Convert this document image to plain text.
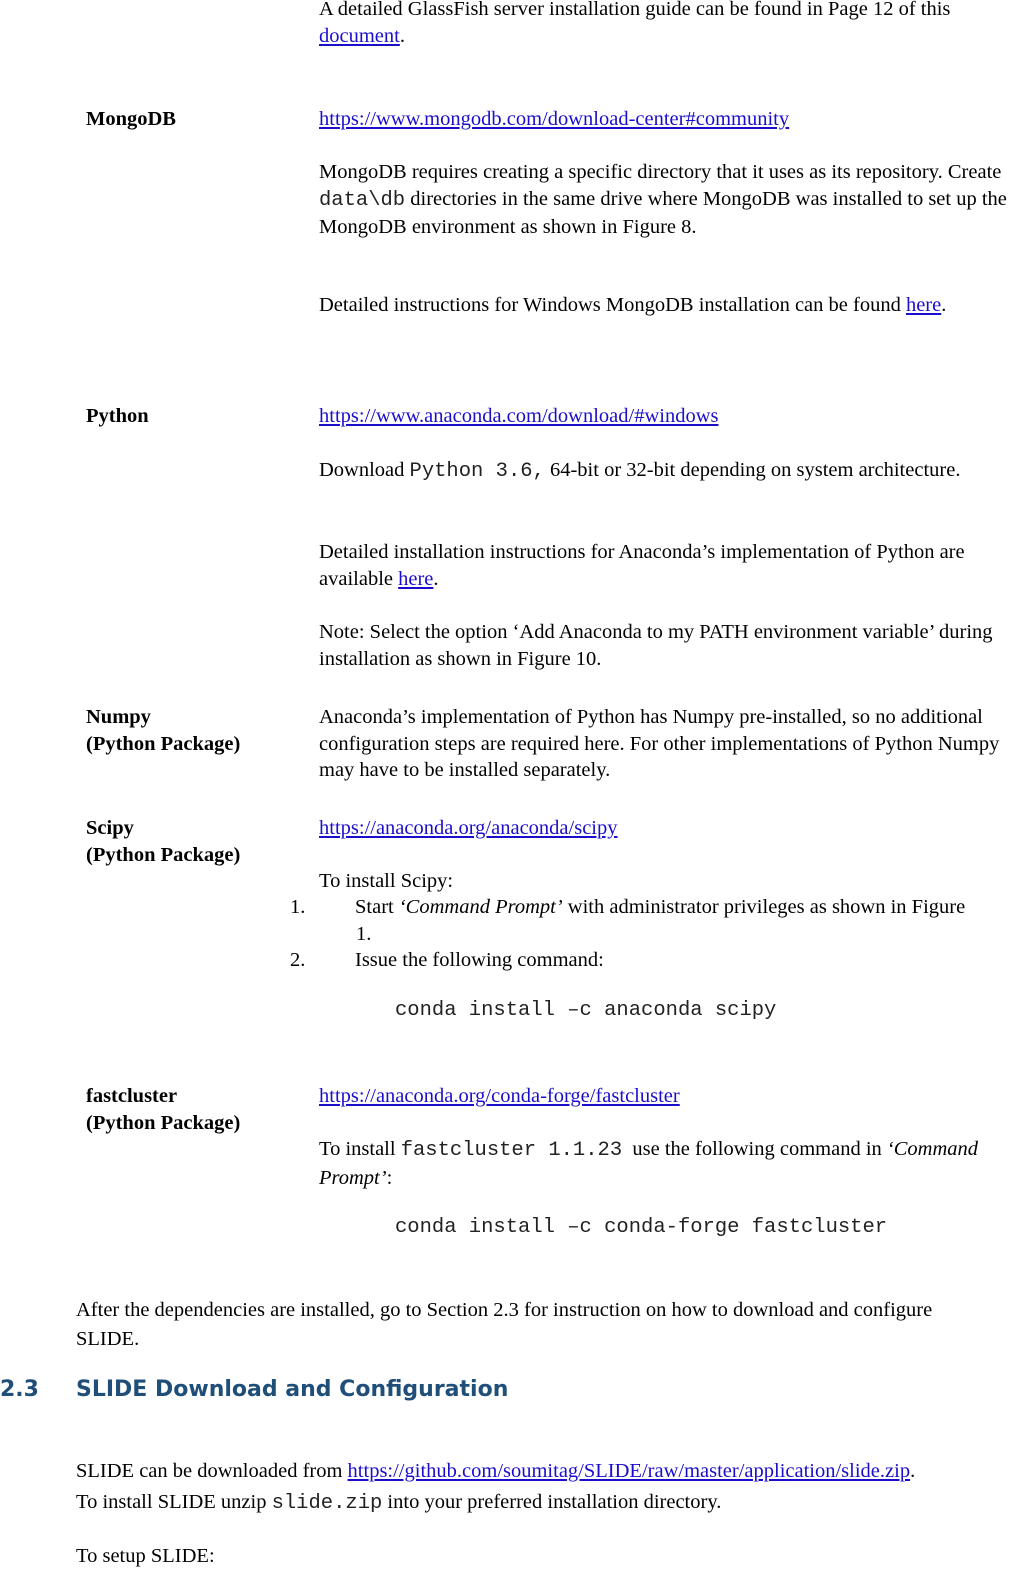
A detailed GlassFish server installation guide can be found in Page 12 of this document.
MongoDB	https://www.mongodb.com/download-center#community
MongoDB requires creating a specific directory that it uses as its repository. Create data\db directories in the same drive where MongoDB was installed to set up the MongoDB environment as shown in Figure 8.
Detailed instructions for Windows MongoDB installation can be found here.
Python	https://www.anaconda.com/download/#windows
Download Python 3.6, 64-bit or 32-bit depending on system architecture.
Detailed installation instructions for Anaconda’s implementation of Python are available here.
Note: Select the option ‘Add Anaconda to my PATH environment variable’ during installation as shown in Figure 10.
Numpy
(Python Package)
Anaconda’s implementation of Python has Numpy pre-installed, so no additional configuration steps are required here. For other implementations of Python Numpy may have to be installed separately.
Scipy
(Python Package)
https://anaconda.org/anaconda/scipy
To install Scipy:
1. Start ‘Command Prompt’ with administrator privileges as shown in Figure 1.
2. Issue the following command:
conda install –c anaconda scipy
fastcluster
(Python Package)
https://anaconda.org/conda-forge/fastcluster
To install fastcluster 1.1.23  use the following command in ‘Command Prompt’:
conda install –c conda-forge fastcluster
After the dependencies are installed, go to Section 2.3 for instruction on how to download and configure SLIDE.
2.3 SLIDE Download and Configuration
SLIDE can be downloaded from https://github.com/soumitag/SLIDE/raw/master/application/slide.zip.
To install SLIDE unzip slide.zip into your preferred installation directory.
To setup SLIDE:
